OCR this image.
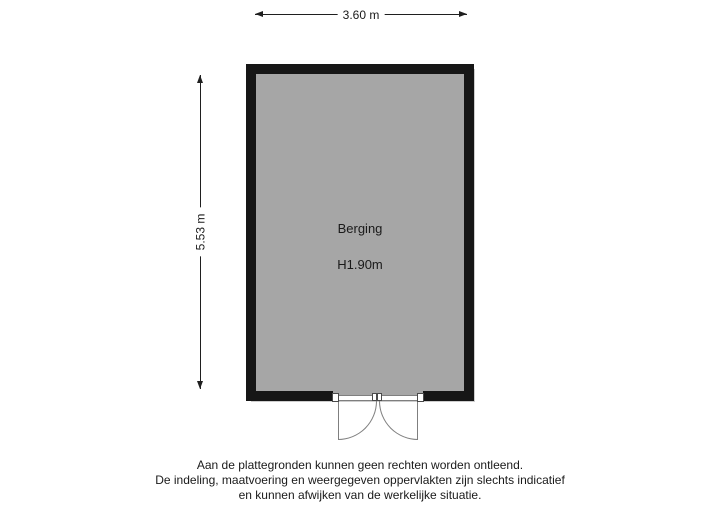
3.60 m
5.53 m	Berging
H1.90m
Aan de plattegronden kunnen geen rechten worden ontleend.
De indeling, maatvoering en weergegeven oppervlakten zijn slechts indicatief
en kunnen afwijken van de werkelijke situatie.
